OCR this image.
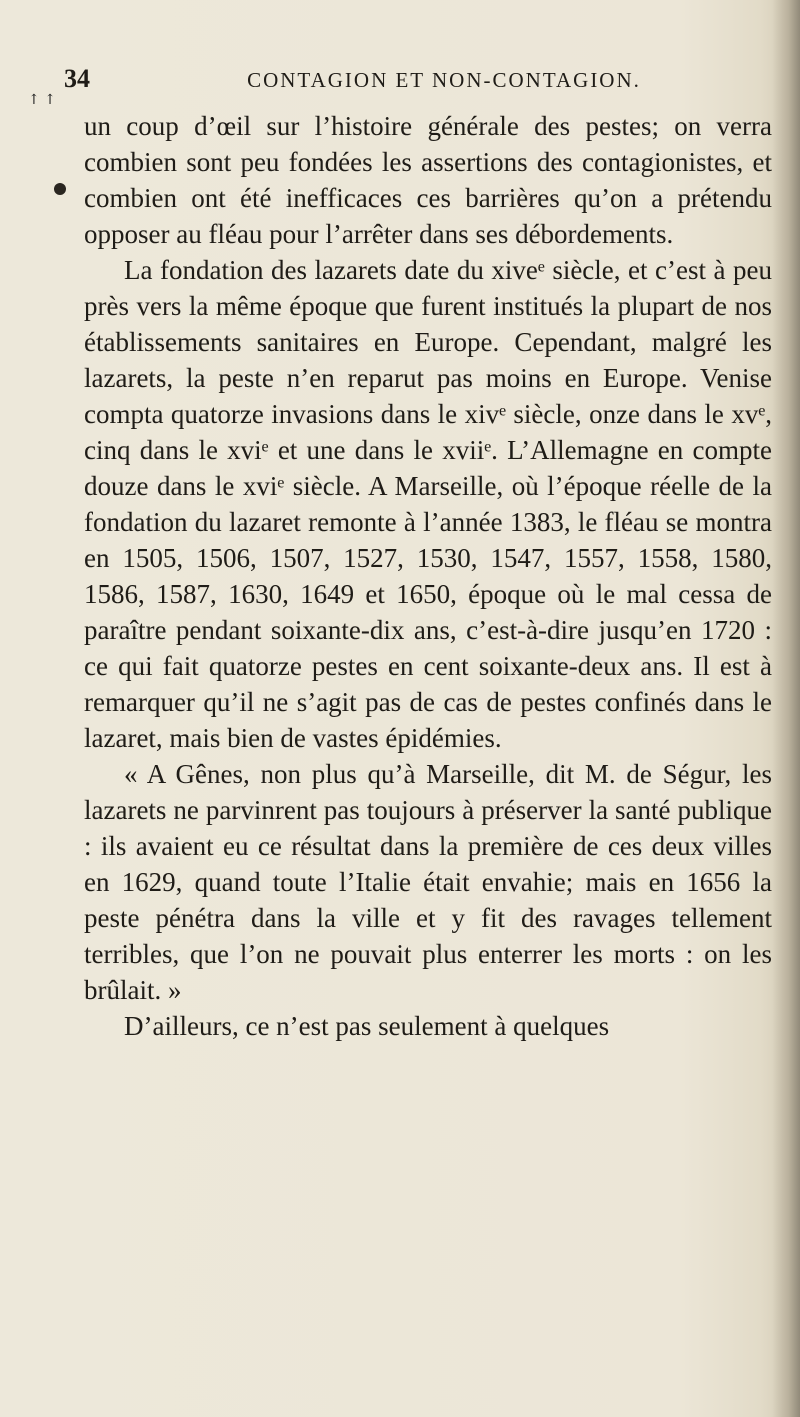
34	CONTAGION ET NON-CONTAGION.
↑ ↑

un coup d’œil sur l’histoire générale des pestes; on verra combien sont peu fondées les assertions des contagionistes, et combien ont été inefficaces ces barrières qu’on a prétendu opposer au fléau pour l’arrêter dans ses débordements.

La fondation des lazarets date du xiveᵉ siècle, et c’est à peu près vers la même époque que furent institués la plupart de nos établissements sanitaires en Europe. Cependant, malgré les lazarets, la peste n’en reparut pas moins en Europe. Venise compta quatorze invasions dans le xivᵉ siècle, onze dans le xvᵉ, cinq dans le xviᵉ et une dans le xviiᵉ. L’Allemagne en compte douze dans le xviᵉ siècle. A Marseille, où l’époque réelle de la fondation du lazaret remonte à l’année 1383, le fléau se montra en 1505, 1506, 1507, 1527, 1530, 1547, 1557, 1558, 1580, 1586, 1587, 1630, 1649 et 1650, époque où le mal cessa de paraître pendant soixante-dix ans, c’est-à-dire jusqu’en 1720 : ce qui fait quatorze pestes en cent soixante-deux ans. Il est à remarquer qu’il ne s’agit pas de cas de pestes confinés dans le lazaret, mais bien de vastes épidémies.

« A Gênes, non plus qu’à Marseille, dit M. de Ségur, les lazarets ne parvinrent pas toujours à préserver la santé publique : ils avaient eu ce résultat dans la première de ces deux villes en 1629, quand toute l’Italie était envahie; mais en 1656 la peste pénétra dans la ville et y fit des ravages tellement terribles, que l’on ne pouvait plus enterrer les morts : on les brûlait. »

D’ailleurs, ce n’est pas seulement à quelques
